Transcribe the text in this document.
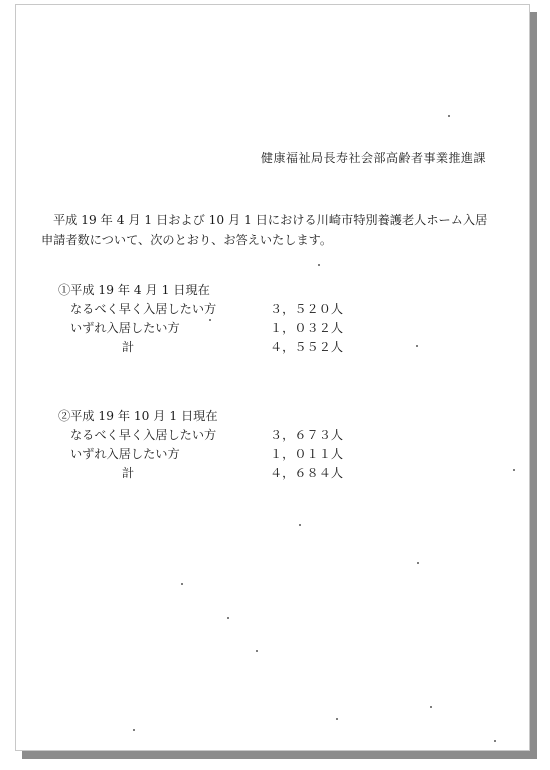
健康福祉局長寿社会部高齢者事業推進課

平成 19 年 4 月 1 日および 10 月 1 日における川崎市特別養護老人ホーム入居
申請者数について、次のとおり、お答えいたします。

①平成 19 年 4 月 1 日現在
なるべく早く入居したい方	３，５２０人
いずれ入居したい方	１，０３２人
計	４，５５２人
②平成 19 年 10 月 1 日現在
なるべく早く入居したい方	３，６７３人
いずれ入居したい方	１，０１１人
計	４，６８４人
